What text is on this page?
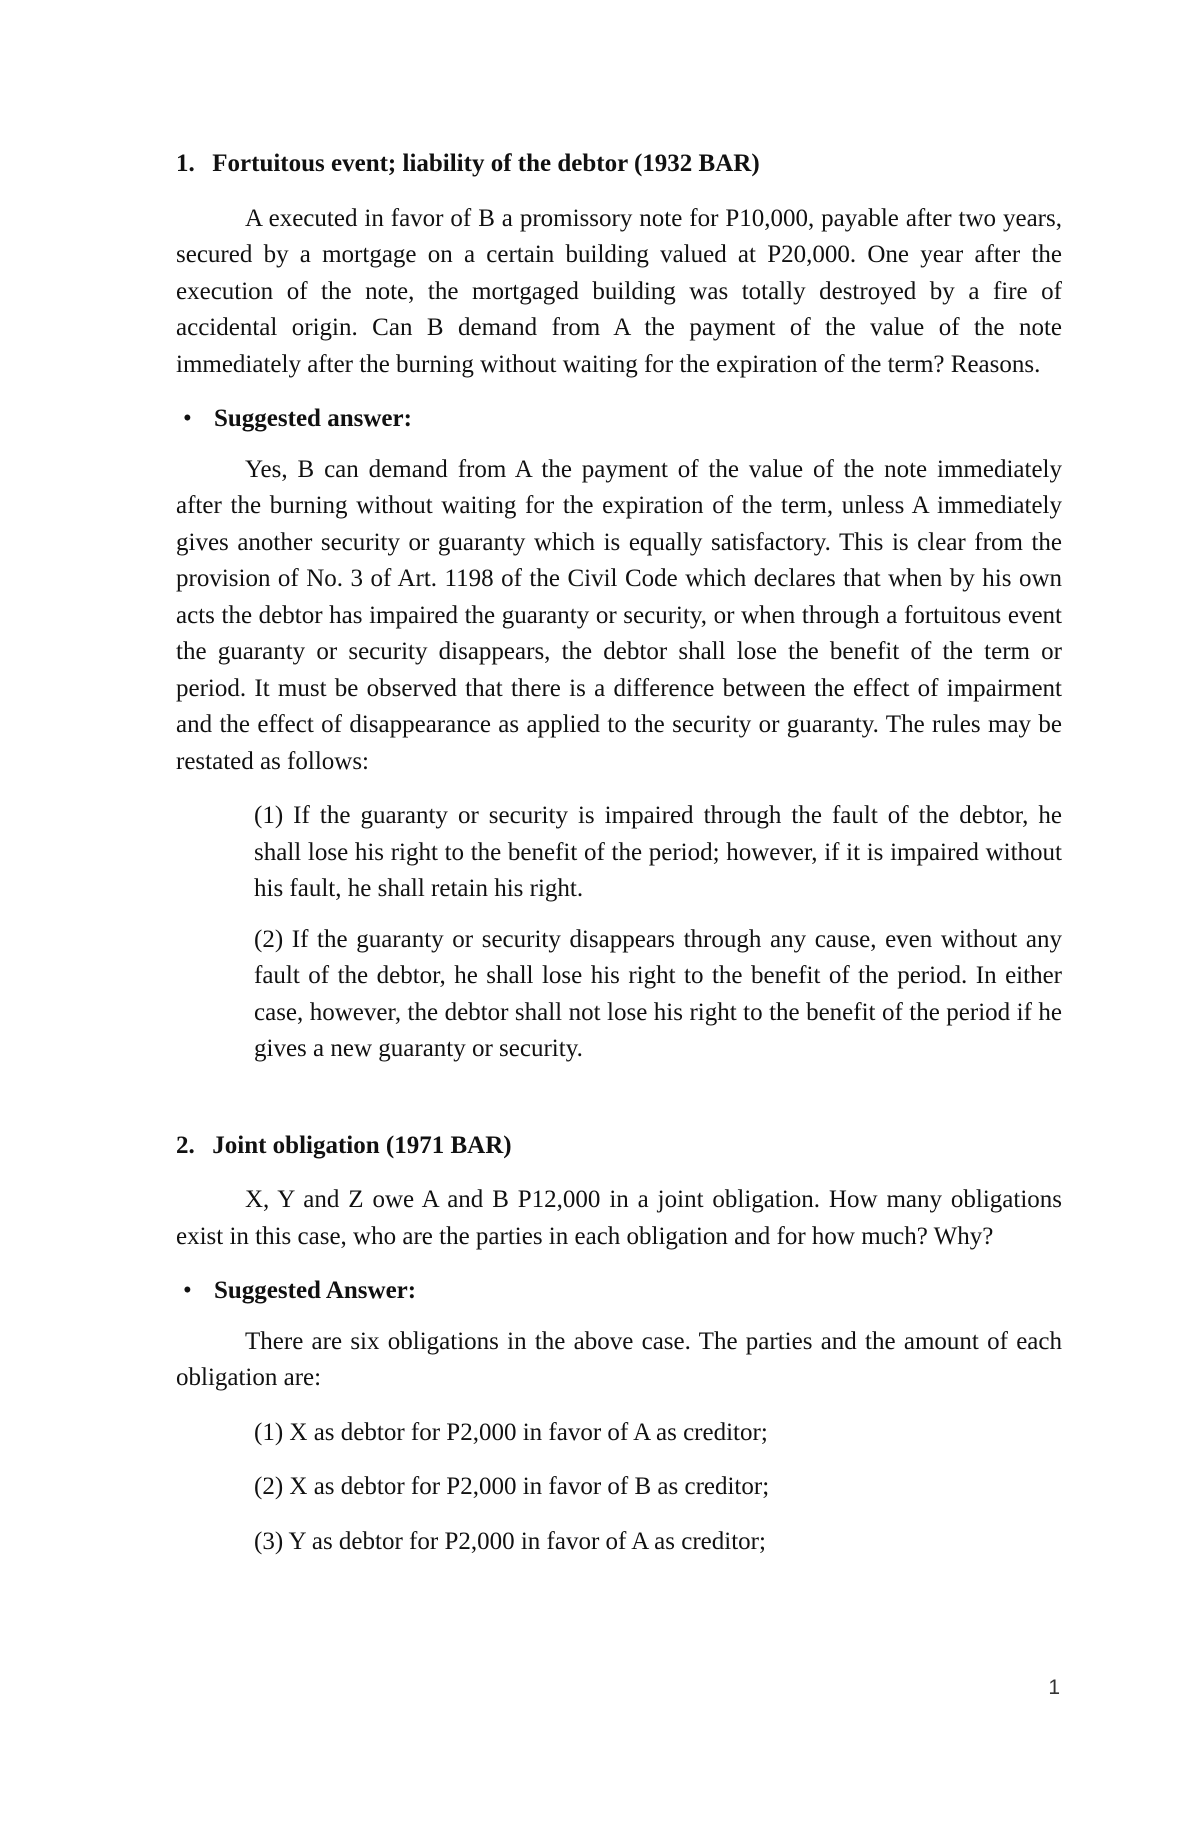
1. Fortuitous event; liability of the debtor (1932 BAR)

A executed in favor of B a promissory note for P10,000, payable after two years, secured by a mortgage on a certain building valued at P20,000. One year after the execution of the note, the mortgaged building was totally destroyed by a fire of accidental origin. Can B demand from A the payment of the value of the note immediately after the burning without waiting for the expiration of the term? Reasons.

• Suggested answer:

Yes, B can demand from A the payment of the value of the note immediately after the burning without waiting for the expiration of the term, unless A immediately gives another security or guaranty which is equally satisfactory. This is clear from the provision of No. 3 of Art. 1198 of the Civil Code which declares that when by his own acts the debtor has impaired the guaranty or security, or when through a fortuitous event the guaranty or security disappears, the debtor shall lose the benefit of the term or period. It must be observed that there is a difference between the effect of impairment and the effect of disappearance as applied to the security or guaranty. The rules may be restated as follows:

(1) If the guaranty or security is impaired through the fault of the debtor, he shall lose his right to the benefit of the period; however, if it is impaired without his fault, he shall retain his right.

(2) If the guaranty or security disappears through any cause, even without any fault of the debtor, he shall lose his right to the benefit of the period. In either case, however, the debtor shall not lose his right to the benefit of the period if he gives a new guaranty or security.

2. Joint obligation (1971 BAR)

X, Y and Z owe A and B P12,000 in a joint obligation. How many obligations exist in this case, who are the parties in each obligation and for how much? Why?

• Suggested Answer:

There are six obligations in the above case. The parties and the amount of each obligation are:

(1) X as debtor for P2,000 in favor of A as creditor;

(2) X as debtor for P2,000 in favor of B as creditor;

(3) Y as debtor for P2,000 in favor of A as creditor;

1
